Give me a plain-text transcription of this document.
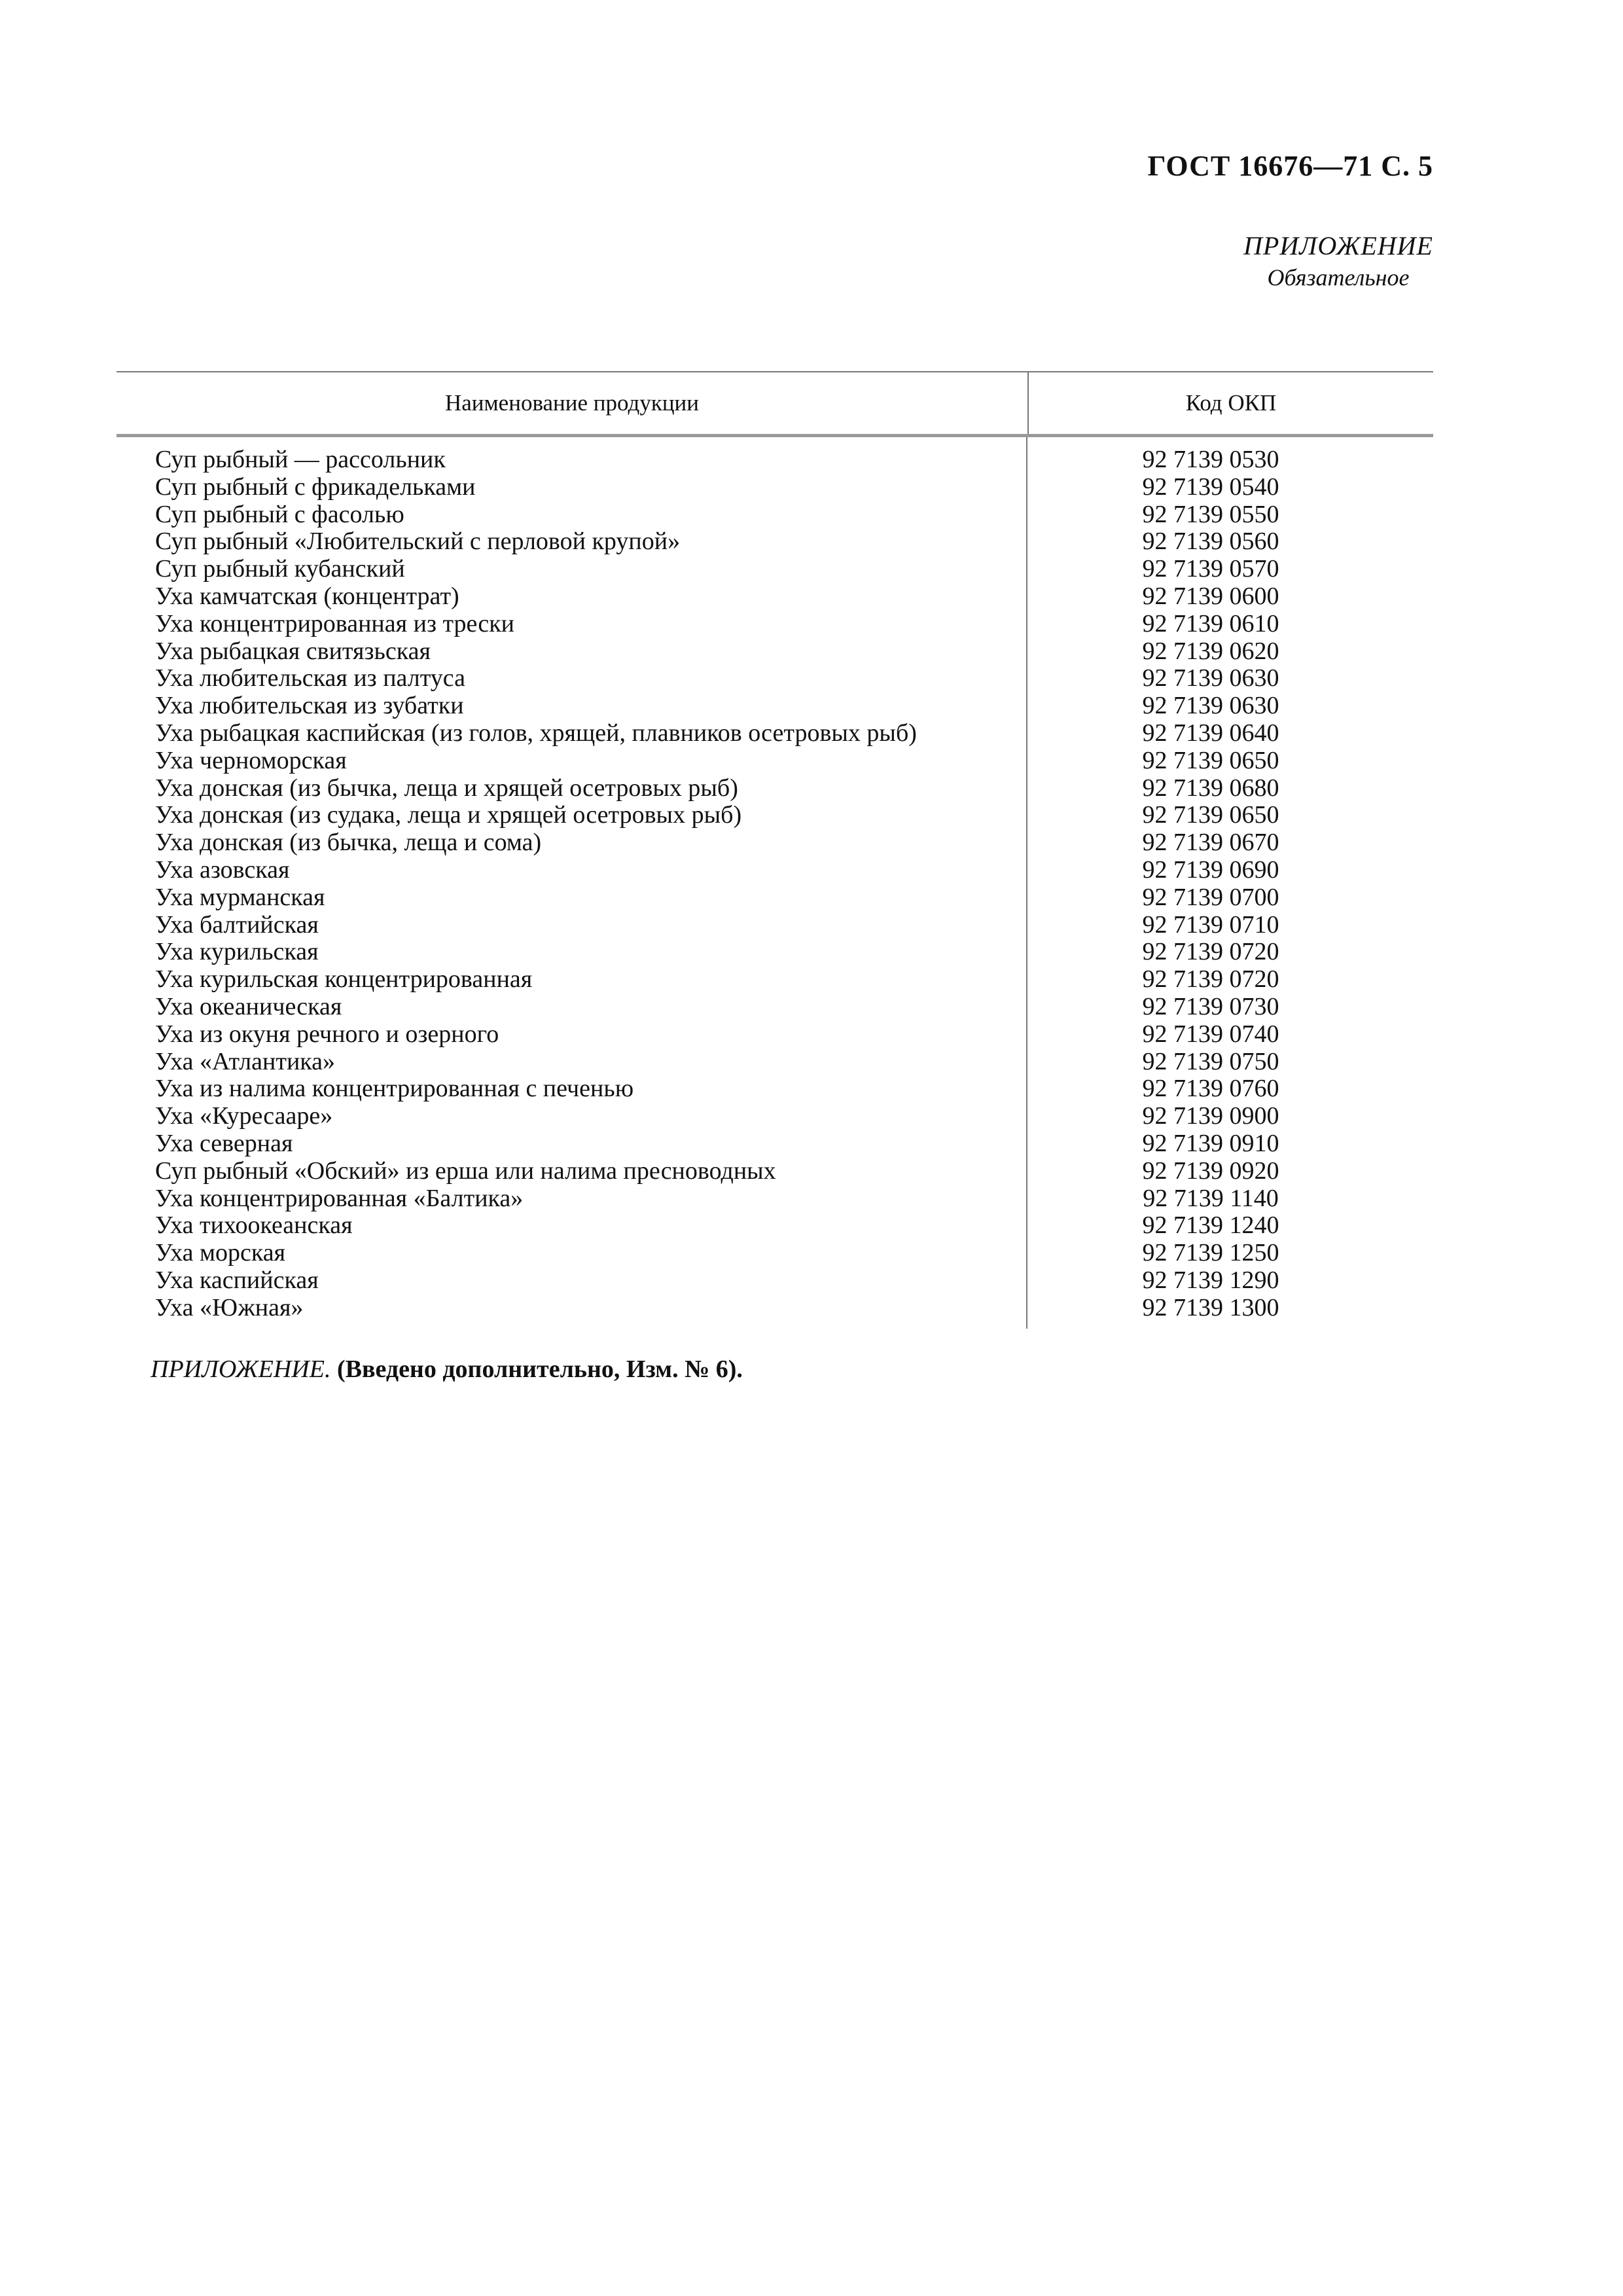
ГОСТ 16676—71 С. 5
ПРИЛОЖЕНИЕ
Обязательное
Наименование продукции	Код ОКП
Суп рыбный — рассольник
Суп рыбный с фрикадельками
Суп рыбный с фасолью
Суп рыбный «Любительский с перловой крупой»
Суп рыбный кубанский
Уха камчатская (концентрат)
Уха концентрированная из трески
Уха рыбацкая свитязьская
Уха любительская из палтуса
Уха любительская из зубатки
Уха рыбацкая каспийская (из голов, хрящей, плавников осетровых рыб)
Уха черноморская
Уха донская (из бычка, леща и хрящей осетровых рыб)
Уха донская (из судака, леща и хрящей осетровых рыб)
Уха донская (из бычка, леща и сома)
Уха азовская
Уха мурманская
Уха балтийская
Уха курильская
Уха курильская концентрированная
Уха океаническая
Уха из окуня речного и озерного
Уха «Атлантика»
Уха из налима концентрированная с печенью
Уха «Куресааре»
Уха северная
Суп рыбный «Обский» из ерша или налима пресноводных
Уха концентрированная «Балтика»
Уха тихоокеанская
Уха морская
Уха каспийская
Уха «Южная»
92 7139 0530
92 7139 0540
92 7139 0550
92 7139 0560
92 7139 0570
92 7139 0600
92 7139 0610
92 7139 0620
92 7139 0630
92 7139 0630
92 7139 0640
92 7139 0650
92 7139 0680
92 7139 0650
92 7139 0670
92 7139 0690
92 7139 0700
92 7139 0710
92 7139 0720
92 7139 0720
92 7139 0730
92 7139 0740
92 7139 0750
92 7139 0760
92 7139 0900
92 7139 0910
92 7139 0920
92 7139 1140
92 7139 1240
92 7139 1250
92 7139 1290
92 7139 1300
ПРИЛОЖЕНИЕ. (Введено дополнительно, Изм. № 6).
